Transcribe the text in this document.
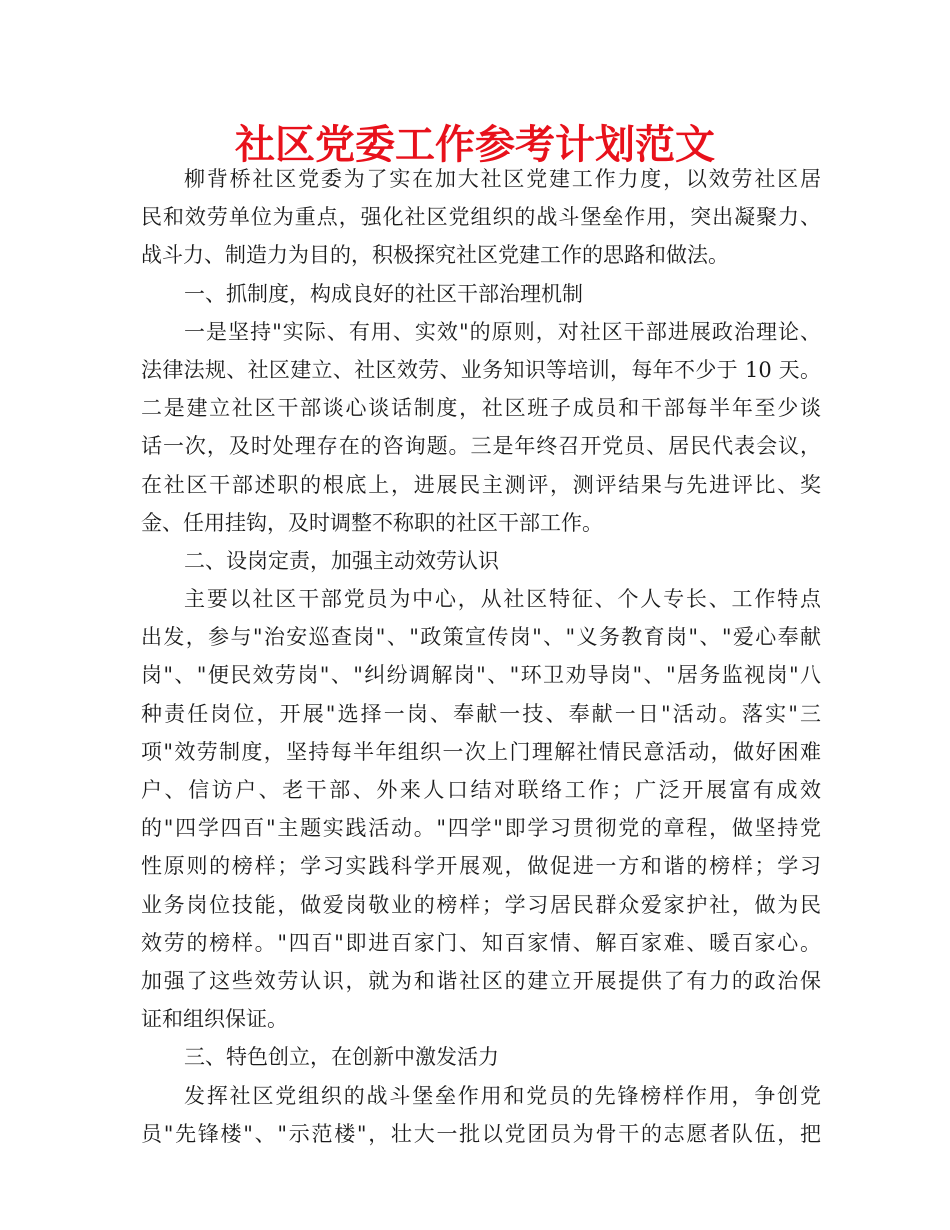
社区党委工作参考计划范文
柳背桥社区党委为了实在加大社区党建工作力度，以效劳社区居
民和效劳单位为重点，强化社区党组织的战斗堡垒作用，突出凝聚力、
战斗力、制造力为目的，积极探究社区党建工作的思路和做法。
一、抓制度，构成良好的社区干部治理机制
一是坚持"实际、有用、实效"的原则，对社区干部进展政治理论、
法律法规、社区建立、社区效劳、业务知识等培训，每年不少于 10 天。
二是建立社区干部谈心谈话制度，社区班子成员和干部每半年至少谈
话一次，及时处理存在的咨询题。三是年终召开党员、居民代表会议，
在社区干部述职的根底上，进展民主测评，测评结果与先进评比、奖
金、任用挂钩，及时调整不称职的社区干部工作。
二、设岗定责，加强主动效劳认识
主要以社区干部党员为中心，从社区特征、个人专长、工作特点
出发，参与"治安巡查岗"、"政策宣传岗"、"义务教育岗"、"爱心奉献
岗"、"便民效劳岗"、"纠纷调解岗"、"环卫劝导岗"、"居务监视岗"八
种责任岗位，开展"选择一岗、奉献一技、奉献一日"活动。落实"三
项"效劳制度，坚持每半年组织一次上门理解社情民意活动，做好困难
户、信访户、老干部、外来人口结对联络工作；广泛开展富有成效
的"四学四百"主题实践活动。"四学"即学习贯彻党的章程，做坚持党
性原则的榜样；学习实践科学开展观，做促进一方和谐的榜样；学习
业务岗位技能，做爱岗敬业的榜样；学习居民群众爱家护社，做为民
效劳的榜样。"四百"即进百家门、知百家情、解百家难、暖百家心。
加强了这些效劳认识，就为和谐社区的建立开展提供了有力的政治保
证和组织保证。
三、特色创立，在创新中激发活力
发挥社区党组织的战斗堡垒作用和党员的先锋榜样作用，争创党
员"先锋楼"、"示范楼"，壮大一批以党团员为骨干的志愿者队伍，把
